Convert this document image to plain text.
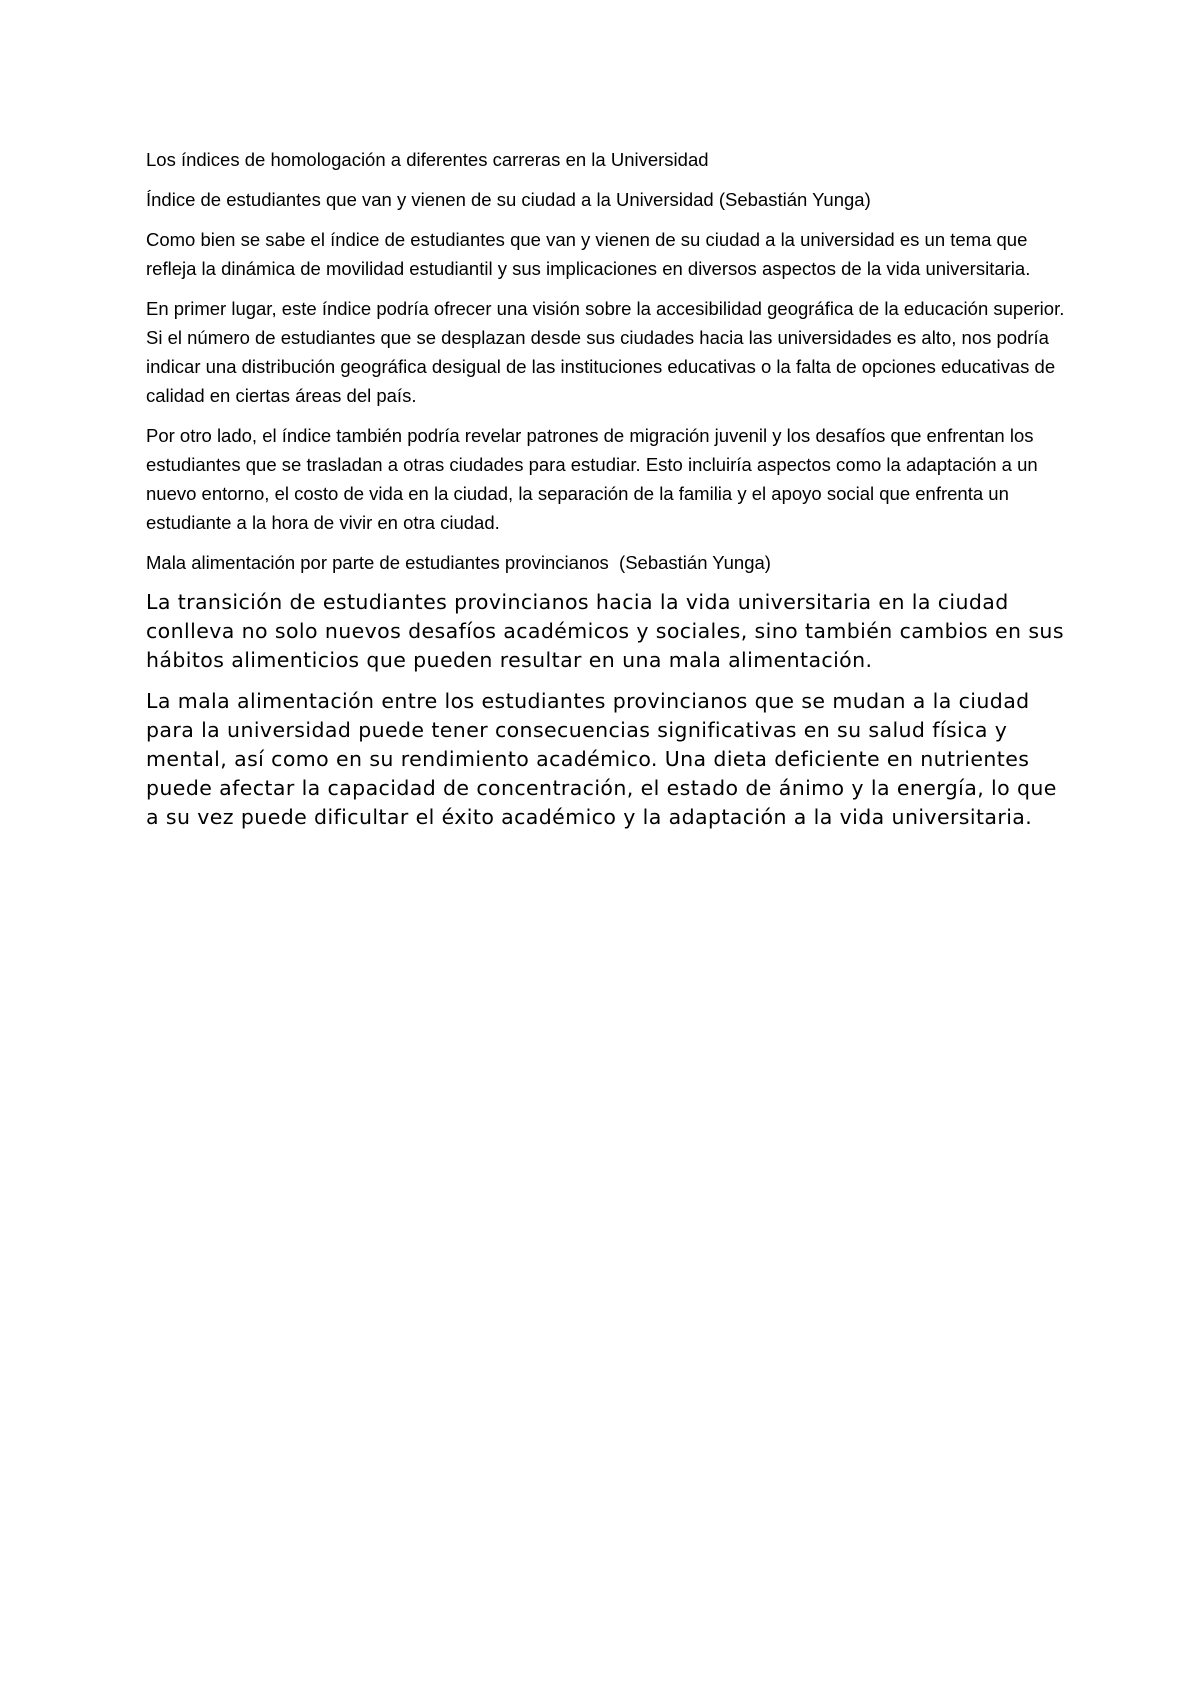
Los índices de homologación a diferentes carreras en la Universidad

Índice de estudiantes que van y vienen de su ciudad a la Universidad (Sebastián Yunga)

Como bien se sabe el índice de estudiantes que van y vienen de su ciudad a la universidad es un tema que refleja la dinámica de movilidad estudiantil y sus implicaciones en diversos aspectos de la vida universitaria.

En primer lugar, este índice podría ofrecer una visión sobre la accesibilidad geográfica de la educación superior. Si el número de estudiantes que se desplazan desde sus ciudades hacia las universidades es alto, nos podría indicar una distribución geográfica desigual de las instituciones educativas o la falta de opciones educativas de calidad en ciertas áreas del país.

Por otro lado, el índice también podría revelar patrones de migración juvenil y los desafíos que enfrentan los estudiantes que se trasladan a otras ciudades para estudiar. Esto incluiría aspectos como la adaptación a un nuevo entorno, el costo de vida en la ciudad, la separación de la familia y el apoyo social que enfrenta un estudiante a la hora de vivir en otra ciudad.

Mala alimentación por parte de estudiantes provincianos  (Sebastián Yunga)

La transición de estudiantes provincianos hacia la vida universitaria en la ciudad conlleva no solo nuevos desafíos académicos y sociales, sino también cambios en sus hábitos alimenticios que pueden resultar en una mala alimentación.

La mala alimentación entre los estudiantes provincianos que se mudan a la ciudad para la universidad puede tener consecuencias significativas en su salud física y mental, así como en su rendimiento académico. Una dieta deficiente en nutrientes puede afectar la capacidad de concentración, el estado de ánimo y la energía, lo que a su vez puede dificultar el éxito académico y la adaptación a la vida universitaria.
